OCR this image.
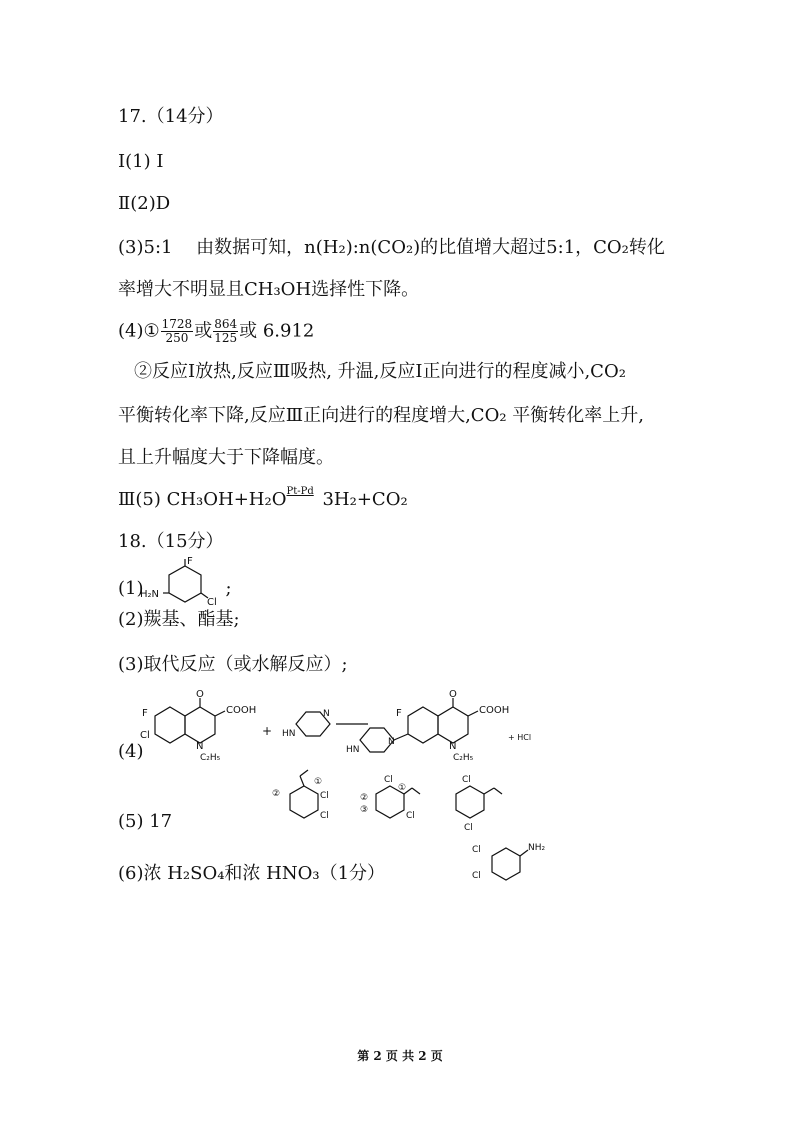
17.（14分）
Ⅰ(1) Ⅰ
Ⅱ(2)D
(3)5:1　 由数据可知，n(H₂):n(CO₂)的比值增大超过5:1，CO₂转化
率增大不明显且CH₃OH选择性下降。
(4)① $\frac{1728}{250}$ 或 $\frac{864}{125}$ 或 6.912
②反应Ⅰ放热,反应Ⅲ吸热, 升温,反应Ⅰ正向进行的程度减小,CO₂
平衡转化率下降,反应Ⅲ正向进行的程度增大,CO₂ 平衡转化率上升,
且上升幅度大于下降幅度。
Ⅲ(5) CH₃OH+H₂O Pt-Pd 3H₂+CO₂
18.（15分）
(1)	;
F
Cl
H₂N
(2)羰基、酯基;
(3)取代反应（或水解反应）;
(4)
O
COOH
F
Cl
N
C₂H₅
+
N
HN
O
COOH
F
N
C₂H₅
N
HN
+ HCl
(5) 17
①
②	Cl
Cl
Cl
①
②
③
Cl
Cl
Cl
(6)浓 H₂SO₄和浓 HNO₃（1分）
NH₂
Cl
Cl
第 2 页 共 2 页
